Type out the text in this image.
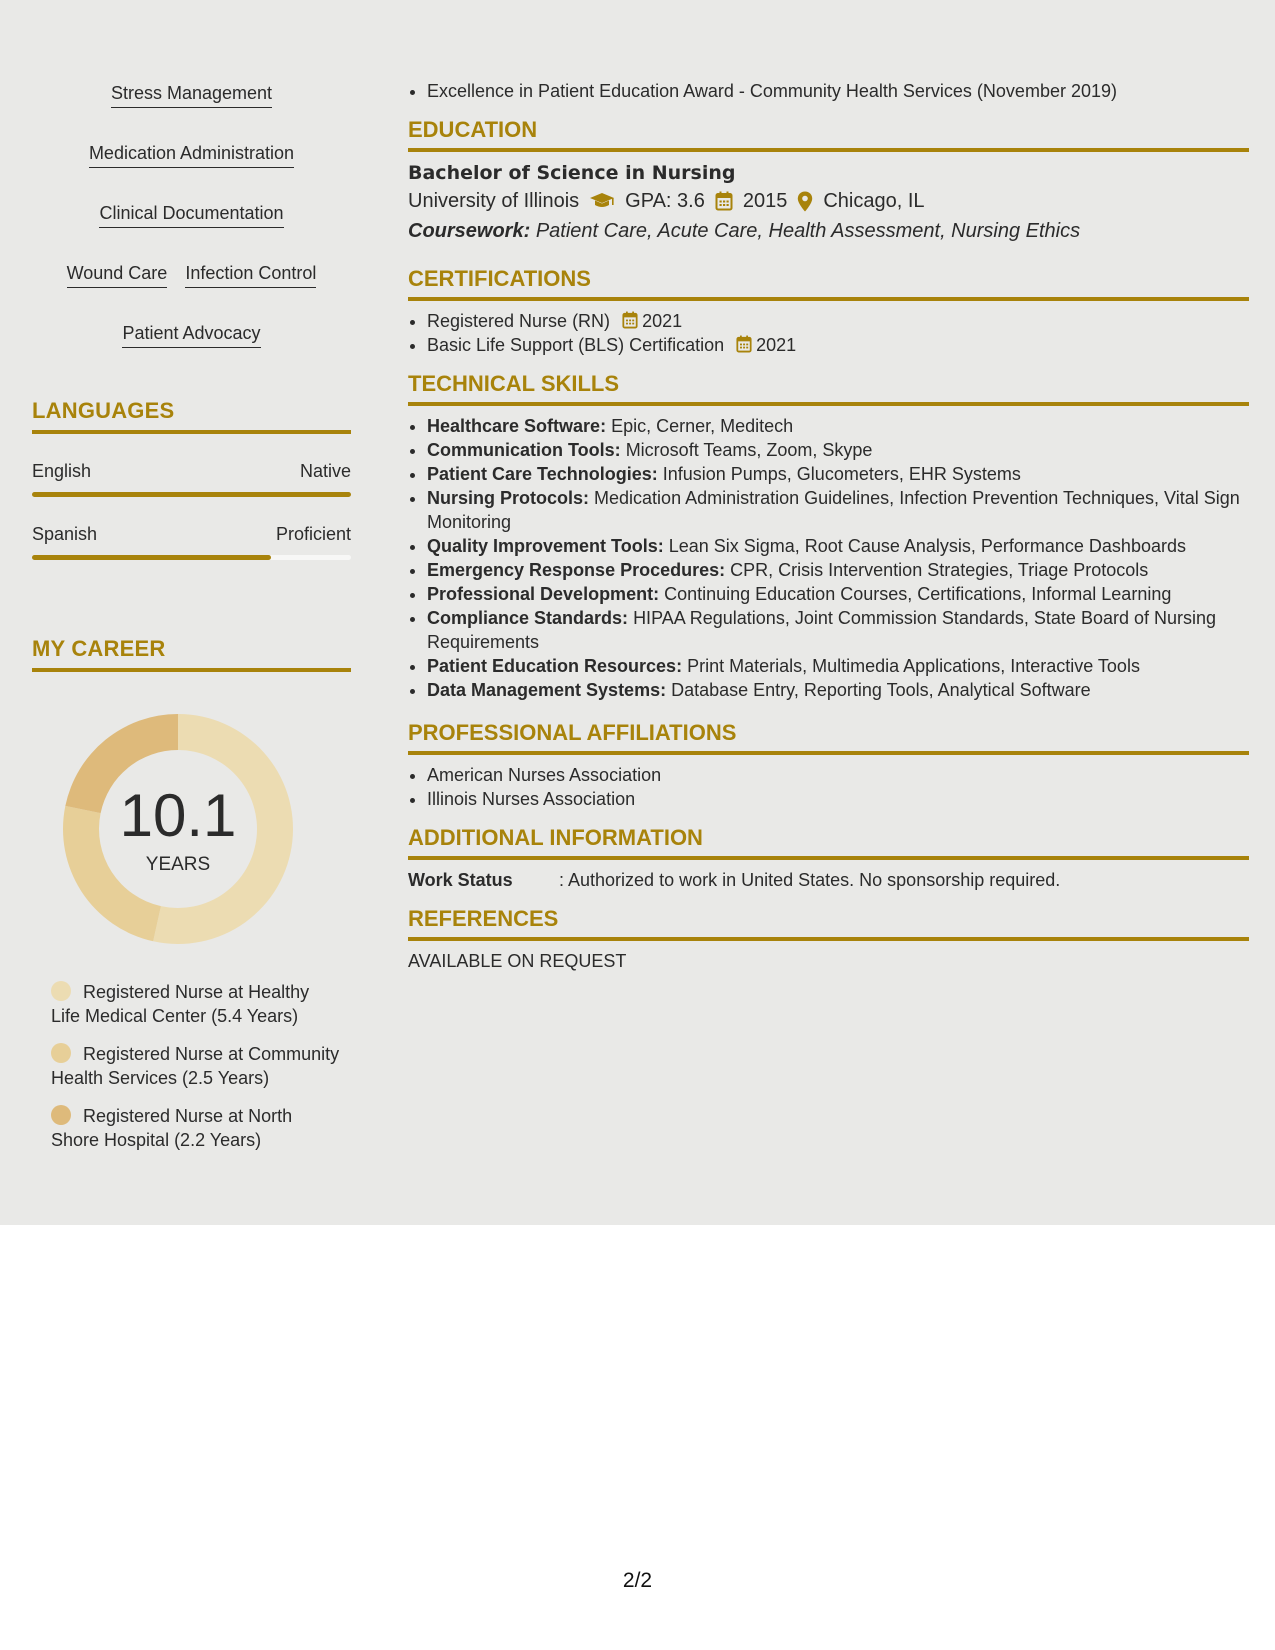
Stress Management
Medication Administration
Clinical Documentation
Wound Care Infection Control
Patient Advocacy
LANGUAGES
English	Native
Spanish	Proficient
MY CAREER
10.1
YEARS
Registered Nurse at Healthy Life Medical Center (5.4 Years)
Registered Nurse at Community Health Services (2.5 Years)
Registered Nurse at North Shore Hospital (2.2 Years)
• Excellence in Patient Education Award - Community Health Services (November 2019)
EDUCATION
Bachelor of Science in Nursing
University of Illinois GPA: 3.6 2015 Chicago, IL
Coursework: Patient Care, Acute Care, Health Assessment, Nursing Ethics
CERTIFICATIONS
• Registered Nurse (RN) 2021
• Basic Life Support (BLS) Certification 2021
TECHNICAL SKILLS
• Healthcare Software: Epic, Cerner, Meditech
• Communication Tools: Microsoft Teams, Zoom, Skype
• Patient Care Technologies: Infusion Pumps, Glucometers, EHR Systems
• Nursing Protocols: Medication Administration Guidelines, Infection Prevention Techniques, Vital Sign Monitoring
• Quality Improvement Tools: Lean Six Sigma, Root Cause Analysis, Performance Dashboards
• Emergency Response Procedures: CPR, Crisis Intervention Strategies, Triage Protocols
• Professional Development: Continuing Education Courses, Certifications, Informal Learning
• Compliance Standards: HIPAA Regulations, Joint Commission Standards, State Board of Nursing Requirements
• Patient Education Resources: Print Materials, Multimedia Applications, Interactive Tools
• Data Management Systems: Database Entry, Reporting Tools, Analytical Software
PROFESSIONAL AFFILIATIONS
• American Nurses Association
• Illinois Nurses Association
ADDITIONAL INFORMATION
Work Status	: Authorized to work in United States. No sponsorship required.
REFERENCES
AVAILABLE ON REQUEST
2/2
